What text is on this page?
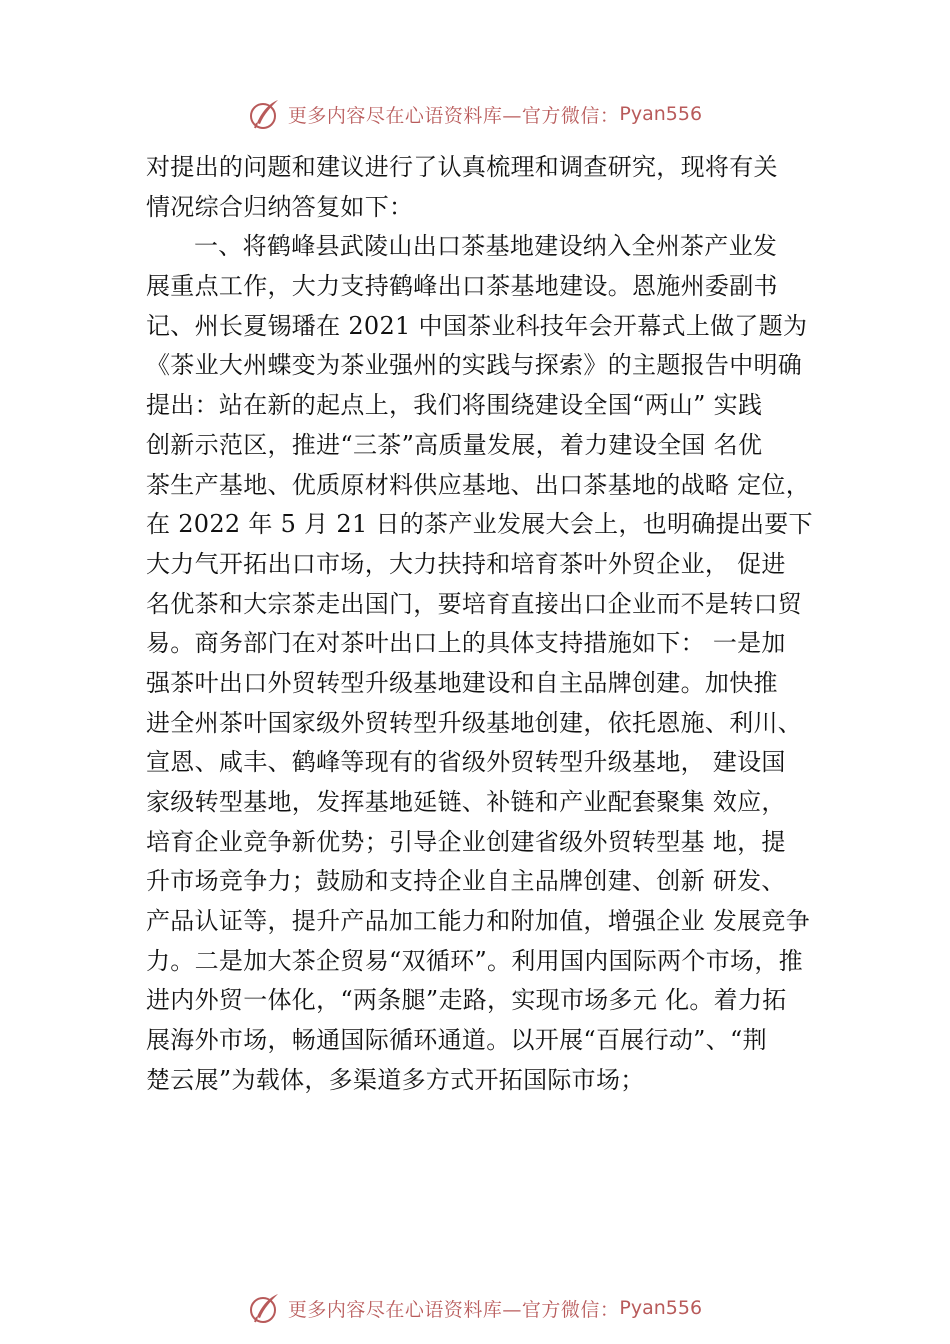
更多内容尽在心语资料库—官方微信： Pyan556
对提出的问题和建议进行了认真梳理和调查研究，现将有关
情况综合归纳答复如下：
一、将鹤峰县武陵山出口茶基地建设纳入全州茶产业发
展重点工作，大力支持鹤峰出口茶基地建设。恩施州委副书
记、州长夏锡璠在 2021 中国茶业科技年会开幕式上做了题为
《茶业大州蝶变为茶业强州的实践与探索》的主题报告中明确
提出：站在新的起点上，我们将围绕建设全国“两山” 实践
创新示范区，推进“三茶”高质量发展，着力建设全国 名优
茶生产基地、优质原材料供应基地、出口茶基地的战略 定位，
在 2022 年 5 月 21 日的茶产业发展大会上，也明确提出要下
大力气开拓出口市场，大力扶持和培育茶叶外贸企业， 促进
名优茶和大宗茶走出国门，要培育直接出口企业而不是转口贸
易。商务部门在对茶叶出口上的具体支持措施如下： 一是加
强茶叶出口外贸转型升级基地建设和自主品牌创建。加快推
进全州茶叶国家级外贸转型升级基地创建，依托恩施、利川、
宣恩、咸丰、鹤峰等现有的省级外贸转型升级基地， 建设国
家级转型基地，发挥基地延链、补链和产业配套聚集 效应，
培育企业竞争新优势；引导企业创建省级外贸转型基 地，提
升市场竞争力；鼓励和支持企业自主品牌创建、创新 研发、
产品认证等，提升产品加工能力和附加值，增强企业 发展竞争
力。二是加大茶企贸易“双循环”。利用国内国际两个市场，推
进内外贸一体化，“两条腿”走路，实现市场多元 化。着力拓
展海外市场，畅通国际循环通道。以开展“百展行动”、“荆
楚云展”为载体，多渠道多方式开拓国际市场；
更多内容尽在心语资料库—官方微信： Pyan556
